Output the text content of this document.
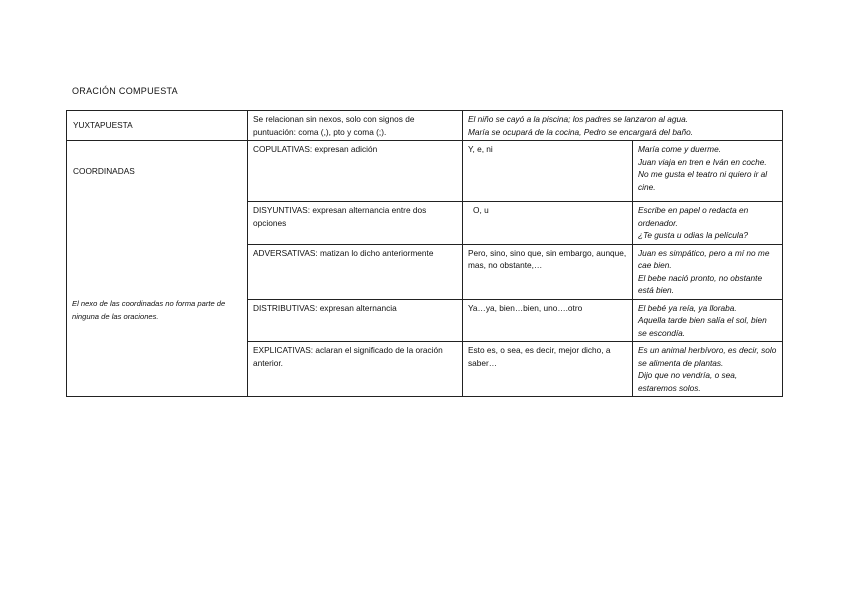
ORACIÓN COMPUESTA
YUXTAPUESTA	Se relacionan sin nexos, solo con signos de puntuación: coma (,), pto y coma (;).	El niño se cayó a la piscina; los padres se lanzaron al agua.
María se ocupará de la cocina, Pedro se encargará del baño.	

COORDINADAS
El nexo de las coordinadas no forma parte de ninguna de las oraciones.	COPULATIVAS: expresan adición	Y, e, ni	María come y duerme.
Juan viaja en tren e Iván en coche.
No me gusta el teatro ni quiero ir al cine.

	DISYUNTIVAS: expresan alternancia entre dos opciones	O, u	Escribe en papel o redacta en ordenador.
¿Te gusta u odias la película?

	ADVERSATIVAS: matizan lo dicho anteriormente	Pero, sino, sino que, sin embargo, aunque, mas, no obstante,…	Juan es simpático, pero a mí no me cae bien.
El bebe nació pronto, no obstante está bien.

	DISTRIBUTIVAS: expresan alternancia	Ya…ya, bien…bien, uno….otro	El bebé ya reía, ya lloraba.
Aquella tarde bien salía el sol, bien se escondía.

	EXPLICATIVAS: aclaran el significado de la oración anterior.	Esto es, o sea, es decir, mejor dicho, a saber…	Es un animal herbívoro, es decir, solo se alimenta de plantas.
Dijo que no vendría, o sea, estaremos solos.
